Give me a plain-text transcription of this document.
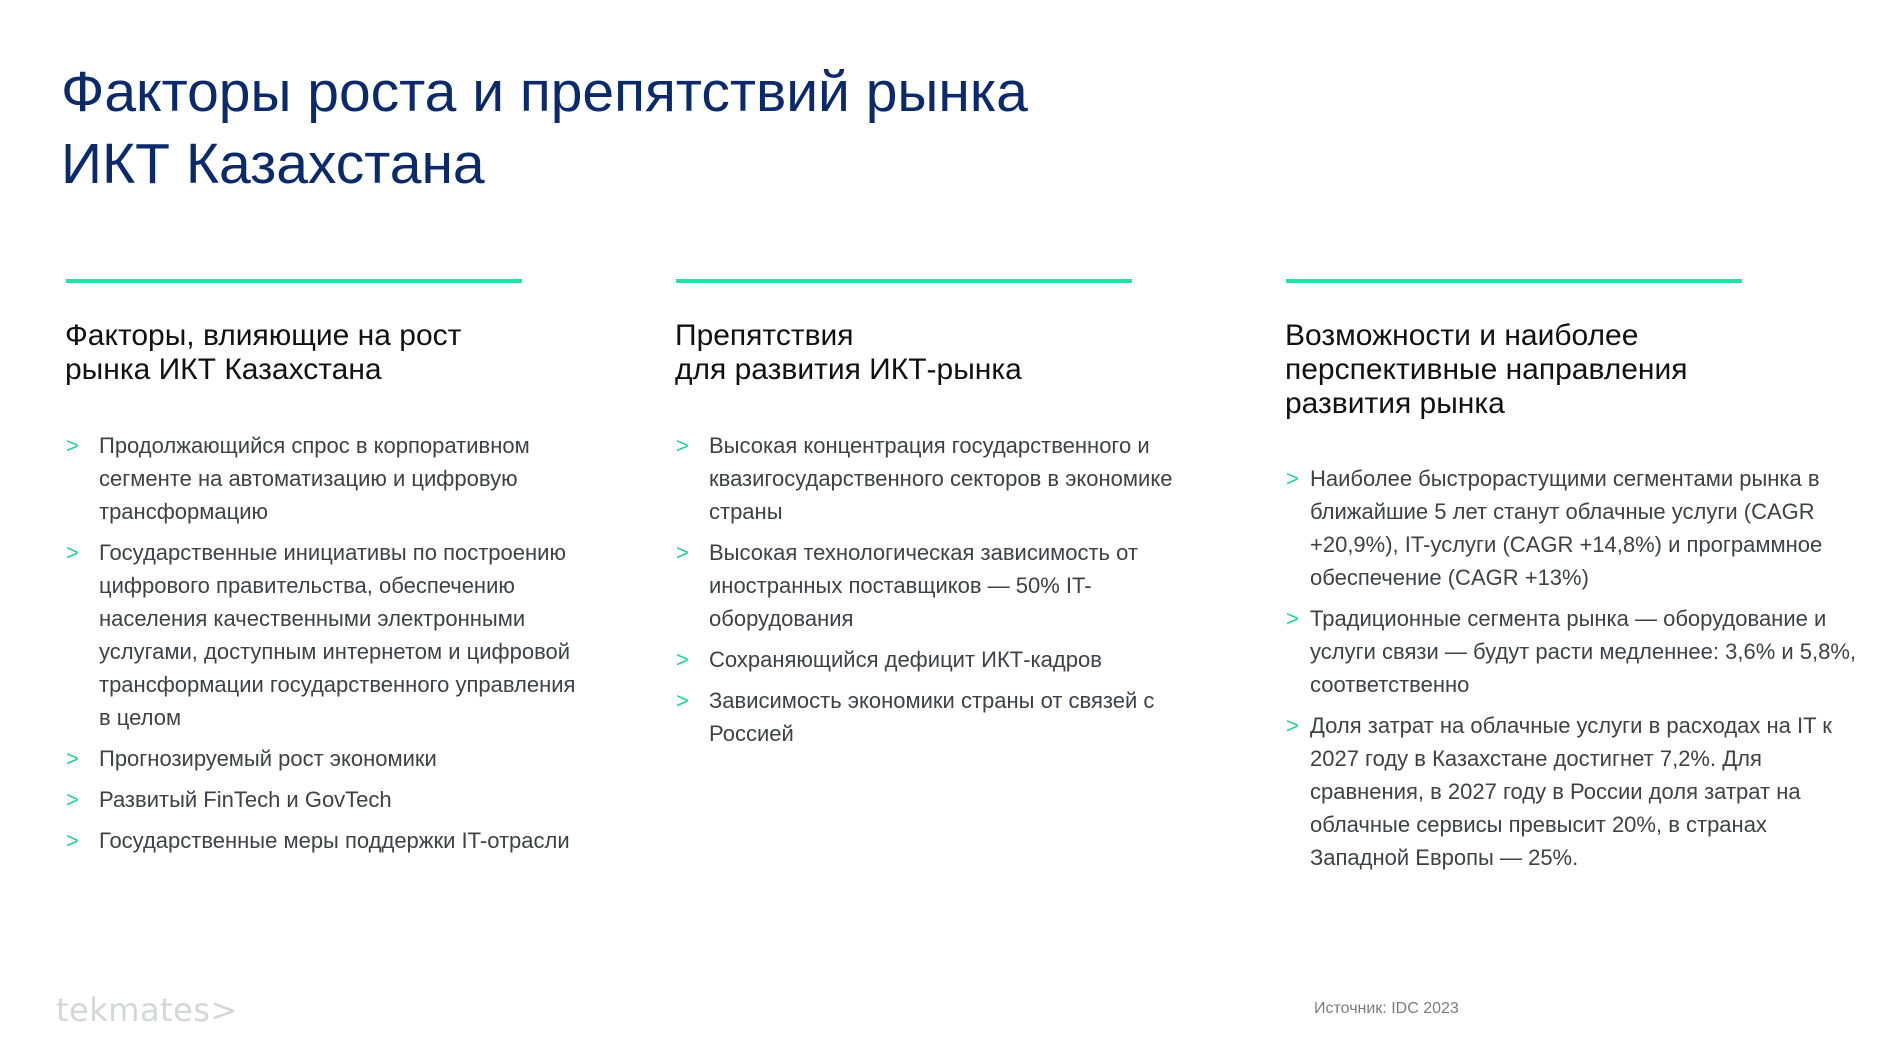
Факторы роста и препятствий рынка
ИКТ Казахстана
Факторы, влияющие на рост
рынка ИКТ Казахстана
> Продолжающийся спрос в корпоративном сегменте на автоматизацию и цифровую трансформацию
> Государственные инициативы по построению цифрового правительства, обеспечению населения качественными электронными услугами, доступным интернетом и цифровой трансформации государственного управления в целом
> Прогнозируемый рост экономики
> Развитый FinTech и GovTech
> Государственные меры поддержки IT-отрасли
Препятствия
для развития ИКТ-рынка
> Высокая концентрация государственного и квазигосударственного секторов в экономике страны
> Высокая технологическая зависимость от иностранных поставщиков — 50% IT-оборудования
> Сохраняющийся дефицит ИКТ-кадров
> Зависимость экономики страны от связей с Россией
Возможности и наиболее
перспективные направления
развития рынка
> Наиболее быстрорастущими сегментами рынка в ближайшие 5 лет станут облачные услуги (CAGR +20,9%), IT-услуги (CAGR +14,8%) и программное обеспечение (CAGR +13%)
> Традиционные сегмента рынка — оборудование и услуги связи — будут расти медленнее: 3,6% и 5,8%, соответственно
> Доля затрат на облачные услуги в расходах на IT к 2027 году в Казахстане достигнет 7,2%. Для сравнения, в 2027 году в России доля затрат на облачные сервисы превысит 20%, в странах Западной Европы — 25%.
tekmates>	Источник: IDC 2023
